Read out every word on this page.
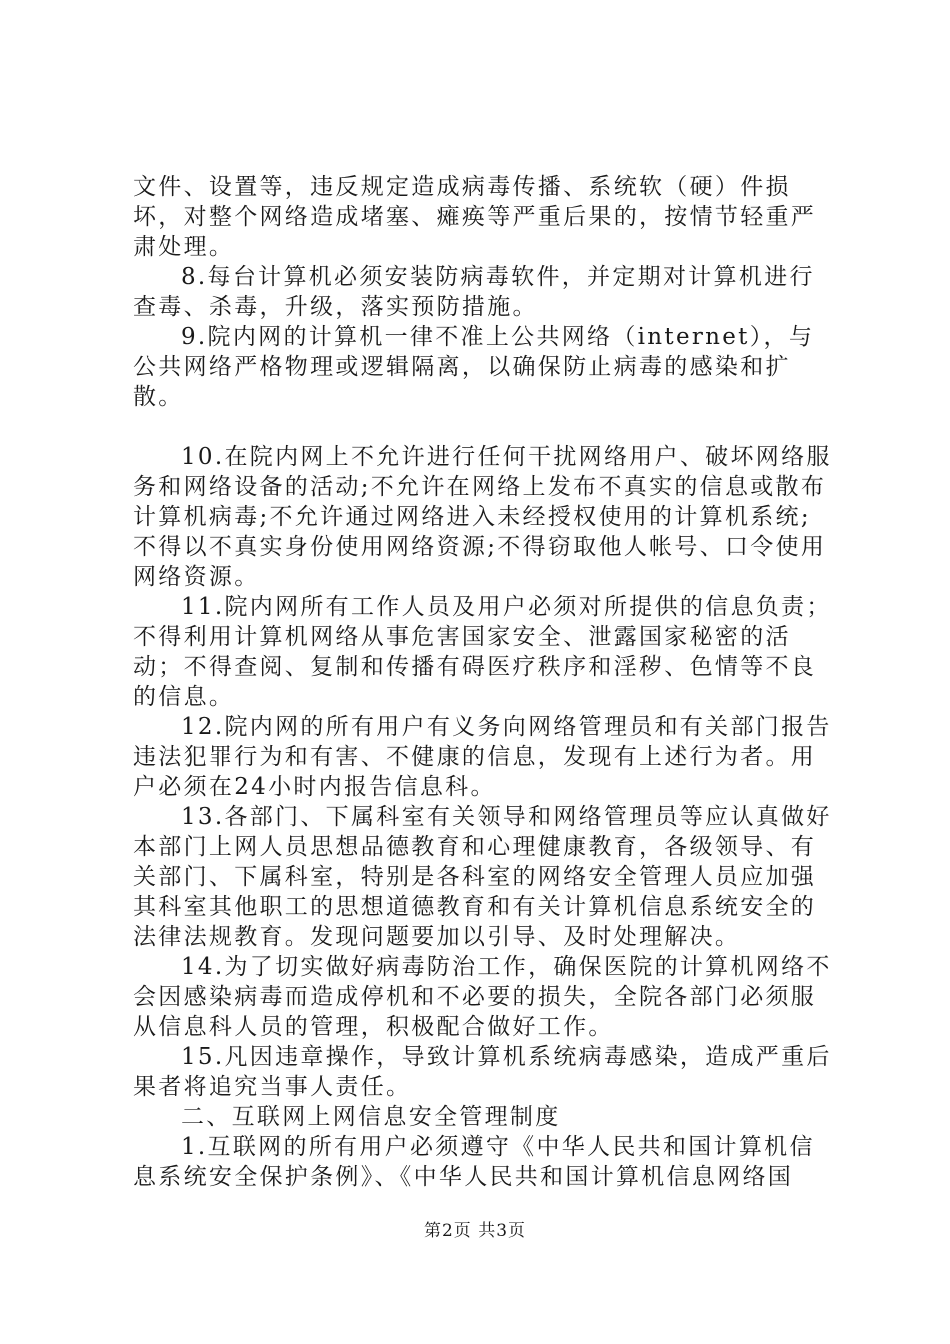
文件、设置等，违反规定造成病毒传播、系统软（硬）件损坏，对整个网络造成堵塞、瘫痪等严重后果的，按情节轻重严肃处理。

8.每台计算机必须安装防病毒软件，并定期对计算机进行查毒、杀毒，升级，落实预防措施。

9.院内网的计算机一律不准上公共网络（internet），与公共网络严格物理或逻辑隔离，以确保防止病毒的感染和扩散。

10.在院内网上不允许进行任何干扰网络用户、破坏网络服务和网络设备的活动;不允许在网络上发布不真实的信息或散布计算机病毒;不允许通过网络进入未经授权使用的计算机系统;不得以不真实身份使用网络资源;不得窃取他人帐号、口令使用网络资源。

11.院内网所有工作人员及用户必须对所提供的信息负责；不得利用计算机网络从事危害国家安全、泄露国家秘密的活动；不得查阅、复制和传播有碍医疗秩序和淫秽、色情等不良的信息。

12.院内网的所有用户有义务向网络管理员和有关部门报告违法犯罪行为和有害、不健康的信息，发现有上述行为者。用户必须在24小时内报告信息科。

13.各部门、下属科室有关领导和网络管理员等应认真做好本部门上网人员思想品德教育和心理健康教育，各级领导、有关部门、下属科室，特别是各科室的网络安全管理人员应加强其科室其他职工的思想道德教育和有关计算机信息系统安全的法律法规教育。发现问题要加以引导、及时处理解决。

14.为了切实做好病毒防治工作，确保医院的计算机网络不会因感染病毒而造成停机和不必要的损失，全院各部门必须服从信息科人员的管理，积极配合做好工作。

15.凡因违章操作，导致计算机系统病毒感染，造成严重后果者将追究当事人责任。

二、互联网上网信息安全管理制度

1.互联网的所有用户必须遵守《中华人民共和国计算机信息系统安全保护条例》、《中华人民共和国计算机信息网络国

第2页 共3页
